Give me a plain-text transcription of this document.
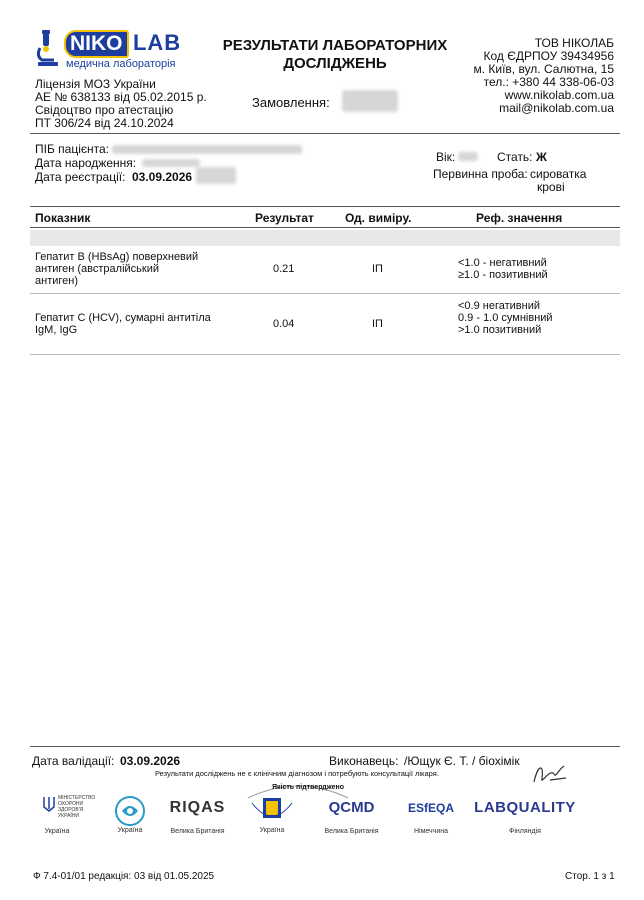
NIKO LAB
медична лабораторія
Ліцензія МОЗ України
АЕ № 638133 від 05.02.2015 р.
Свідоцтво про атестацію
ПТ 306/24 від 24.10.2024
РЕЗУЛЬТАТИ ЛАБОРАТОРНИХ
ДОСЛІДЖЕНЬ
Замовлення:
ТОВ НІКОЛАБ
Код ЄДРПОУ 39434956
м. Київ, вул. Салютна, 15
тел.: +380 44 338-06-03
www.nikolab.com.ua
mail@nikolab.com.ua
ПІБ пацієнта:
Дата народження:
Дата реєстрації: 03.09.2026
Вік:	Стать: Ж
Первинна проба: сироватка
крові
Показник	Результат	Од. виміру.	Реф. значення
Гепатит B (HBsAg) поверхневий
антиген (австралійський
антиген)
0.21	IП	<1.0 - негативний
≥1.0 - позитивний
Гепатит C (HCV), сумарні антитіла
IgM, IgG	0.04	IП
<0.9 негативний
0.9 - 1.0 сумнівний
>1.0 позитивний
Дата валідації: 03.09.2026	Виконавець: /Ющук Є. Т. / біохімік
Результати досліджень не є клінічним діагнозом і потребують консультації лікаря.
Якість підтверджено
МІНІСТЕРСТВО ОХОРОНИ ЗДОРОВ'Я УКРАЇНИ
Україна	Україна
RIQAS
Велика Британія	Україна
QCMD
Велика Британія
ESfEQA
Німеччина
LABQUALITY
Фінляндія
Ф 7.4-01/01 редакція: 03 від 01.05.2025	Стор. 1 з 1
